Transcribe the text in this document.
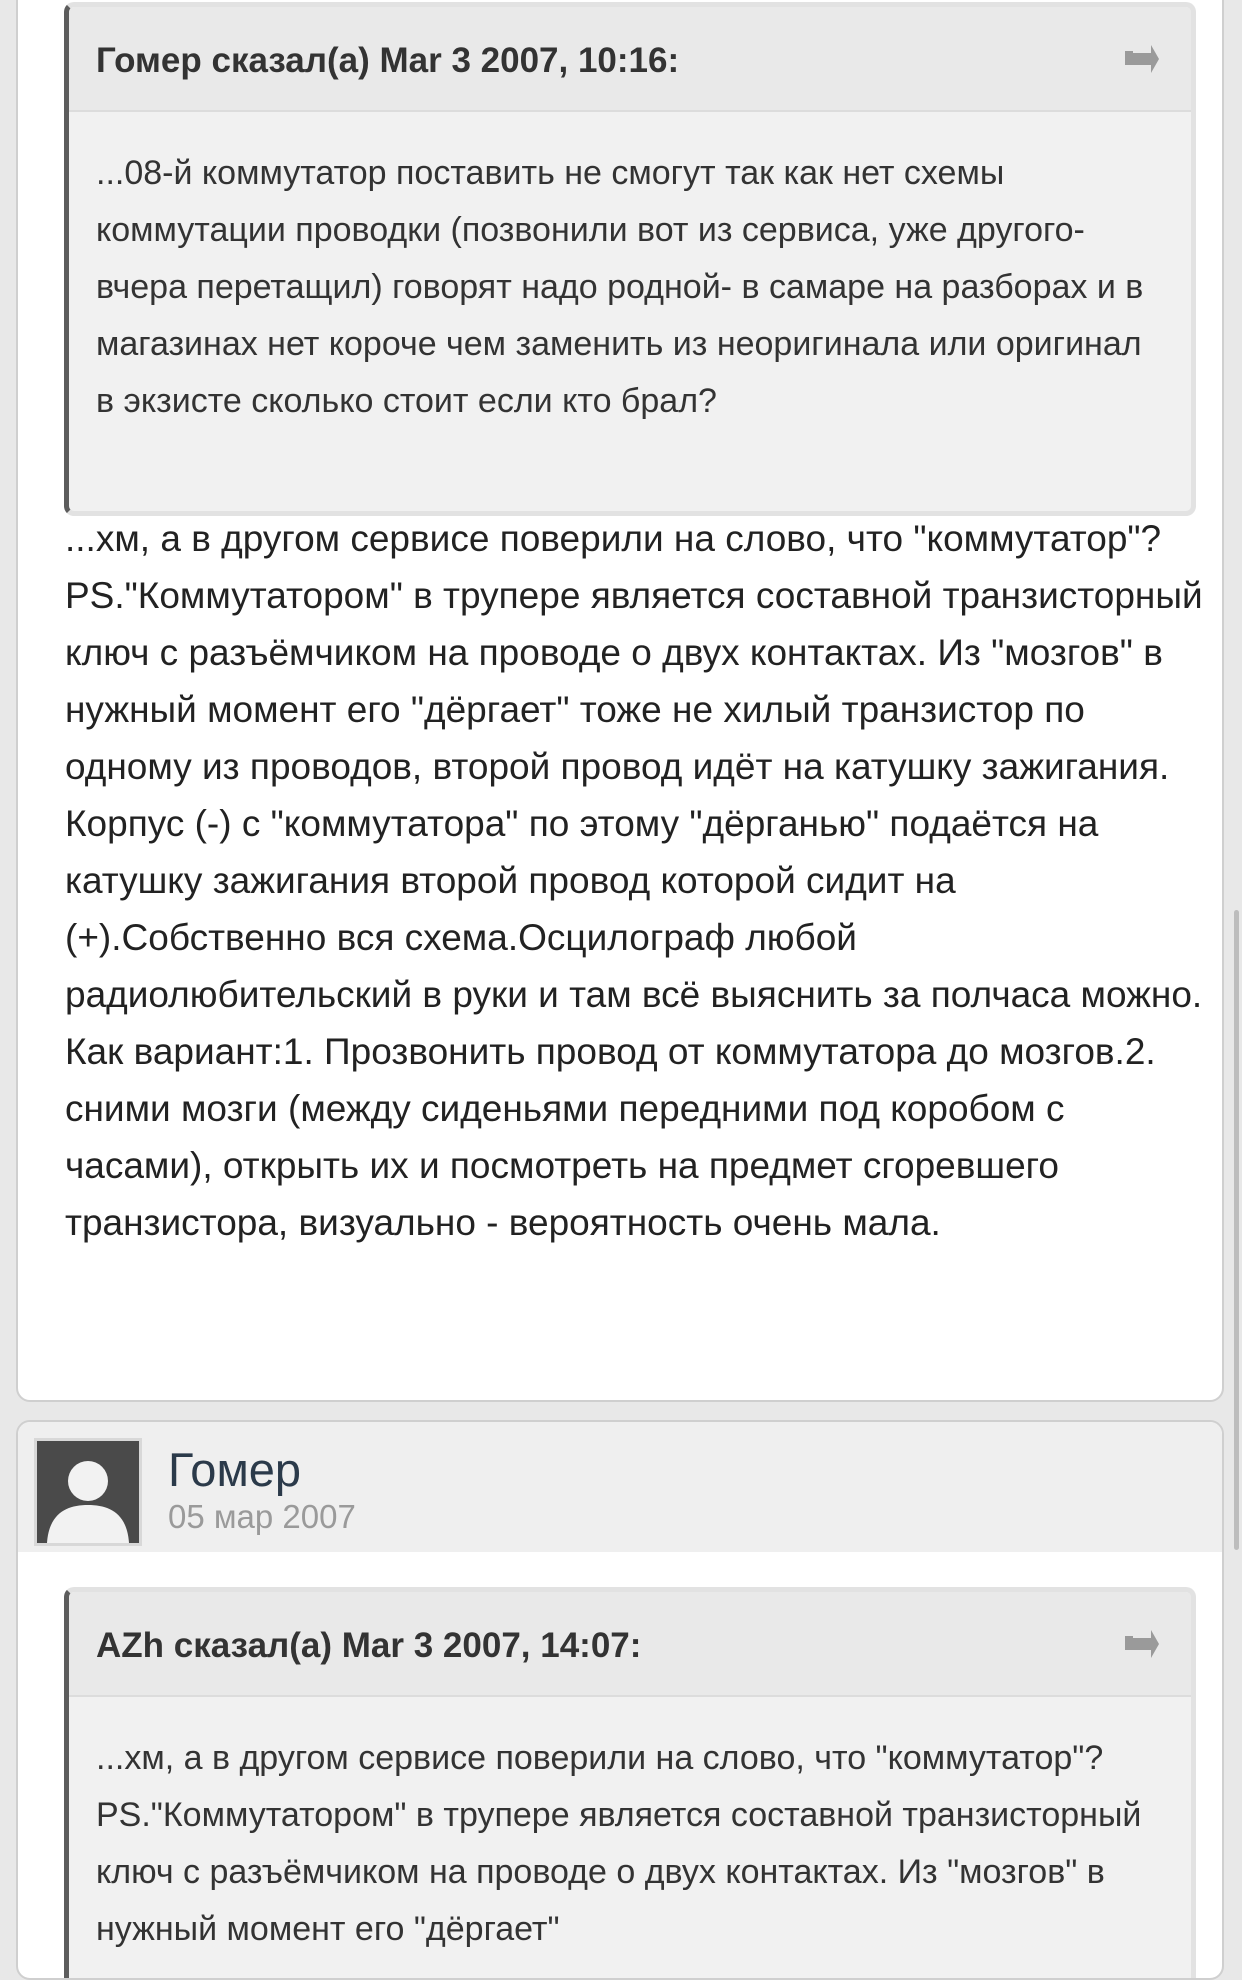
Гомер сказал(а) Mar 3 2007, 10:16:
...08-й коммутатор поставить не смогут так как нет схемы коммутации проводки (позвонили вот из сервиса, уже другого- вчера перетащил) говорят надо родной- в самаре на разборах и в магазинах нет короче чем заменить из неоригинала или оригинал в экзисте сколько стоит если кто брал?
...хм, а в другом сервисе поверили на слово, что "коммутатор"?PS."Коммутатором" в трупере является составной транзисторный ключ с разъёмчиком на проводе о двух контактах. Из "мозгов" в нужный момент его "дёргает" тоже не хилый транзистор по одному из проводов, второй провод идёт на катушку зажигания. Корпус (-) с "коммутатора" по этому "дёрганью" подаётся на катушку зажигания второй провод которой сидит на (+).Собственно вся схема.Осцилограф любой радиолюбительский в руки и там всё выяснить за полчаса можно. Как вариант:1. Прозвонить провод от коммутатора до мозгов.2. сними мозги (между сиденьями передними под коробом с часами), открыть их и посмотреть на предмет сгоревшего транзистора, визуально - вероятность очень мала.
Гомер
05 мар 2007
AZh сказал(а) Mar 3 2007, 14:07:
...хм, а в другом сервисе поверили на слово, что "коммутатор"?PS."Коммутатором" в трупере является составной транзисторный ключ с разъёмчиком на проводе о двух контактах. Из "мозгов" в нужный момент его "дёргает"
